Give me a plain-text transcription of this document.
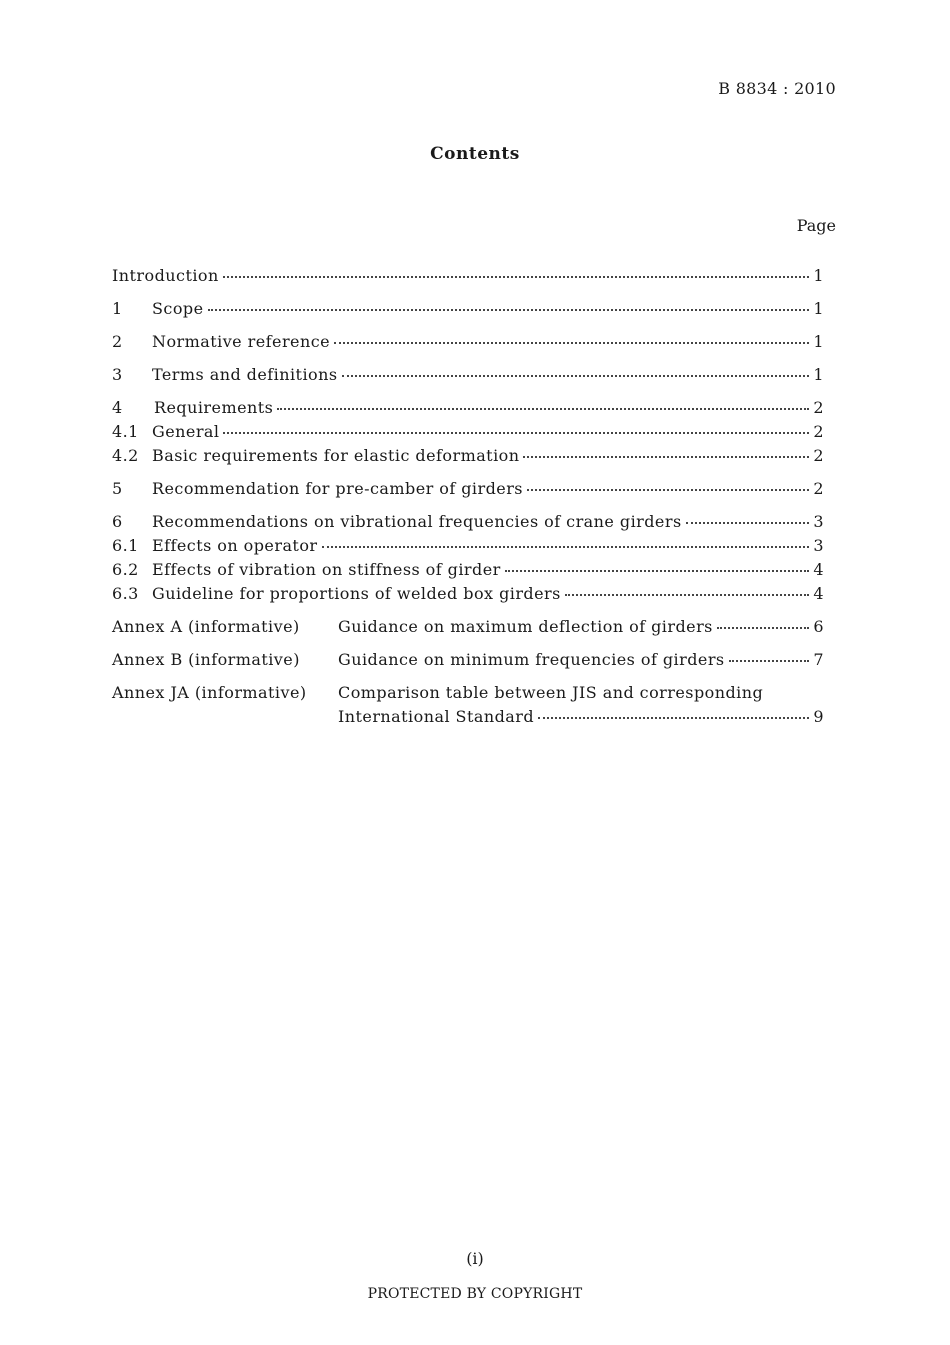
B 8834 : 2010
Contents
Page
Introduction	1
1	Scope	1
2	Normative reference	1
3	Terms and definitions	1
4	Requirements	2
4.1 General	2
4.2 Basic requirements for elastic deformation	2
5	Recommendation for pre-camber of girders	2
6	Recommendations on vibrational frequencies of crane girders	3
6.1 Effects on operator	3
6.2 Effects of vibration on stiffness of girder	4
6.3 Guideline for proportions of welded box girders	4
Annex A (informative)	Guidance on maximum deflection of girders	6
Annex B (informative)	Guidance on minimum frequencies of girders	7
Annex JA (informative)	Comparison table between JIS and corresponding
International Standard	9
(i)
PROTECTED BY COPYRIGHT
